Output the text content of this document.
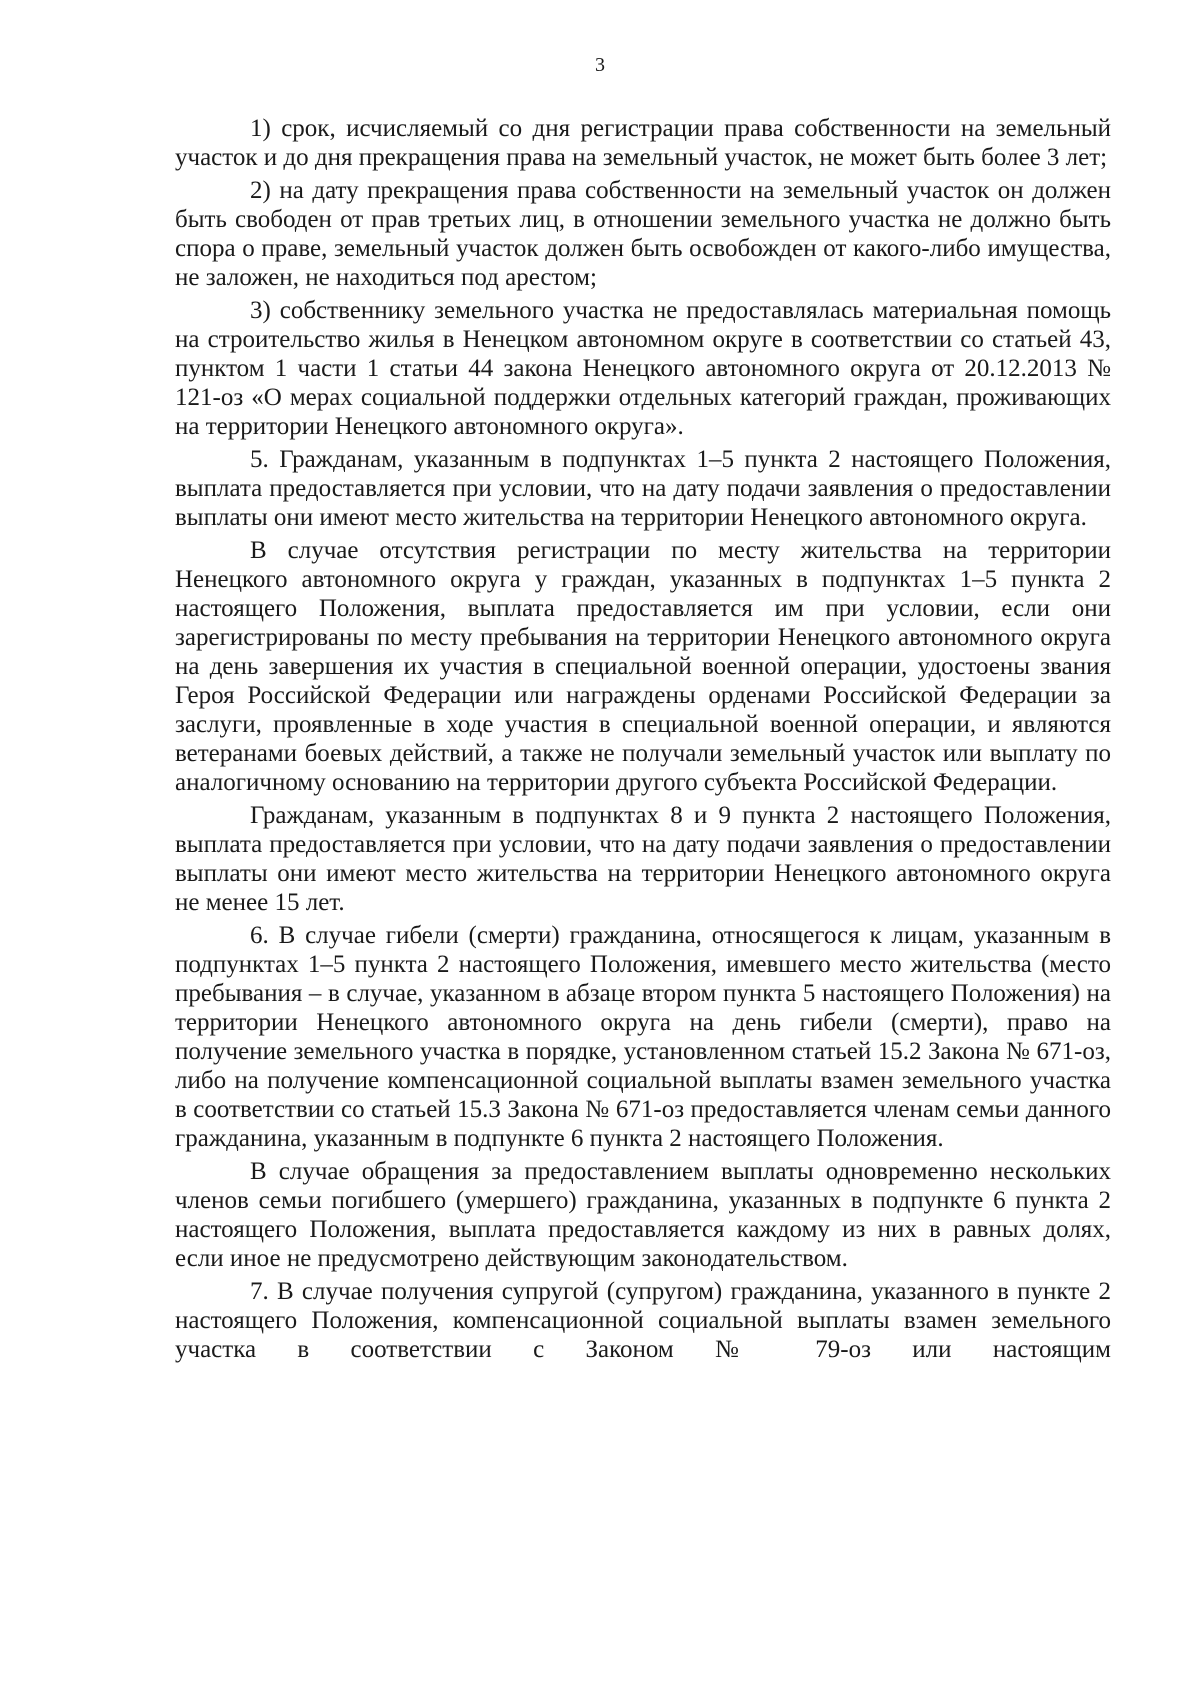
3

1) срок, исчисляемый со дня регистрации права собственности на земельный участок и до дня прекращения права на земельный участок, не может быть более 3 лет;

2) на дату прекращения права собственности на земельный участок он должен быть свободен от прав третьих лиц, в отношении земельного участка не должно быть спора о праве, земельный участок должен быть освобожден от какого-либо имущества, не заложен, не находиться под арестом;

3) собственнику земельного участка не предоставлялась материальная помощь на строительство жилья в Ненецком автономном округе в соответствии со статьей 43, пунктом 1 части 1 статьи 44 закона Ненецкого автономного округа от 20.12.2013 № 121-оз «О мерах социальной поддержки отдельных категорий граждан, проживающих на территории Ненецкого автономного округа».

5. Гражданам, указанным в подпунктах 1–5 пункта 2 настоящего Положения, выплата предоставляется при условии, что на дату подачи заявления о предоставлении выплаты они имеют место жительства на территории Ненецкого автономного округа.

В случае отсутствия регистрации по месту жительства на территории Ненецкого автономного округа у граждан, указанных в подпунктах 1–5 пункта 2 настоящего Положения, выплата предоставляется им при условии, если они зарегистрированы по месту пребывания на территории Ненецкого автономного округа на день завершения их участия в специальной военной операции, удостоены звания Героя Российской Федерации или награждены орденами Российской Федерации за заслуги, проявленные в ходе участия в специальной военной операции, и являются ветеранами боевых действий, а также не получали земельный участок или выплату по аналогичному основанию на территории другого субъекта Российской Федерации.

Гражданам, указанным в подпунктах 8 и 9 пункта 2 настоящего Положения, выплата предоставляется при условии, что на дату подачи заявления о предоставлении выплаты они имеют место жительства на территории Ненецкого автономного округа не менее 15 лет.

6. В случае гибели (смерти) гражданина, относящегося к лицам, указанным в подпунктах 1–5 пункта 2 настоящего Положения, имевшего место жительства (место пребывания – в случае, указанном в абзаце втором пункта 5 настоящего Положения) на территории Ненецкого автономного округа на день гибели (смерти), право на получение земельного участка в порядке, установленном статьей 15.2 Закона № 671-оз, либо на получение компенсационной социальной выплаты взамен земельного участка в соответствии со статьей 15.3 Закона № 671-оз предоставляется членам семьи данного гражданина, указанным в подпункте 6 пункта 2 настоящего Положения.

В случае обращения за предоставлением выплаты одновременно нескольких членов семьи погибшего (умершего) гражданина, указанных в подпункте 6 пункта 2 настоящего Положения, выплата предоставляется каждому из них в равных долях, если иное не предусмотрено действующим законодательством.

7. В случае получения супругой (супругом) гражданина, указанного в пункте 2 настоящего Положения, компенсационной социальной выплаты взамен земельного участка в соответствии с Законом № 79-оз или настоящим
